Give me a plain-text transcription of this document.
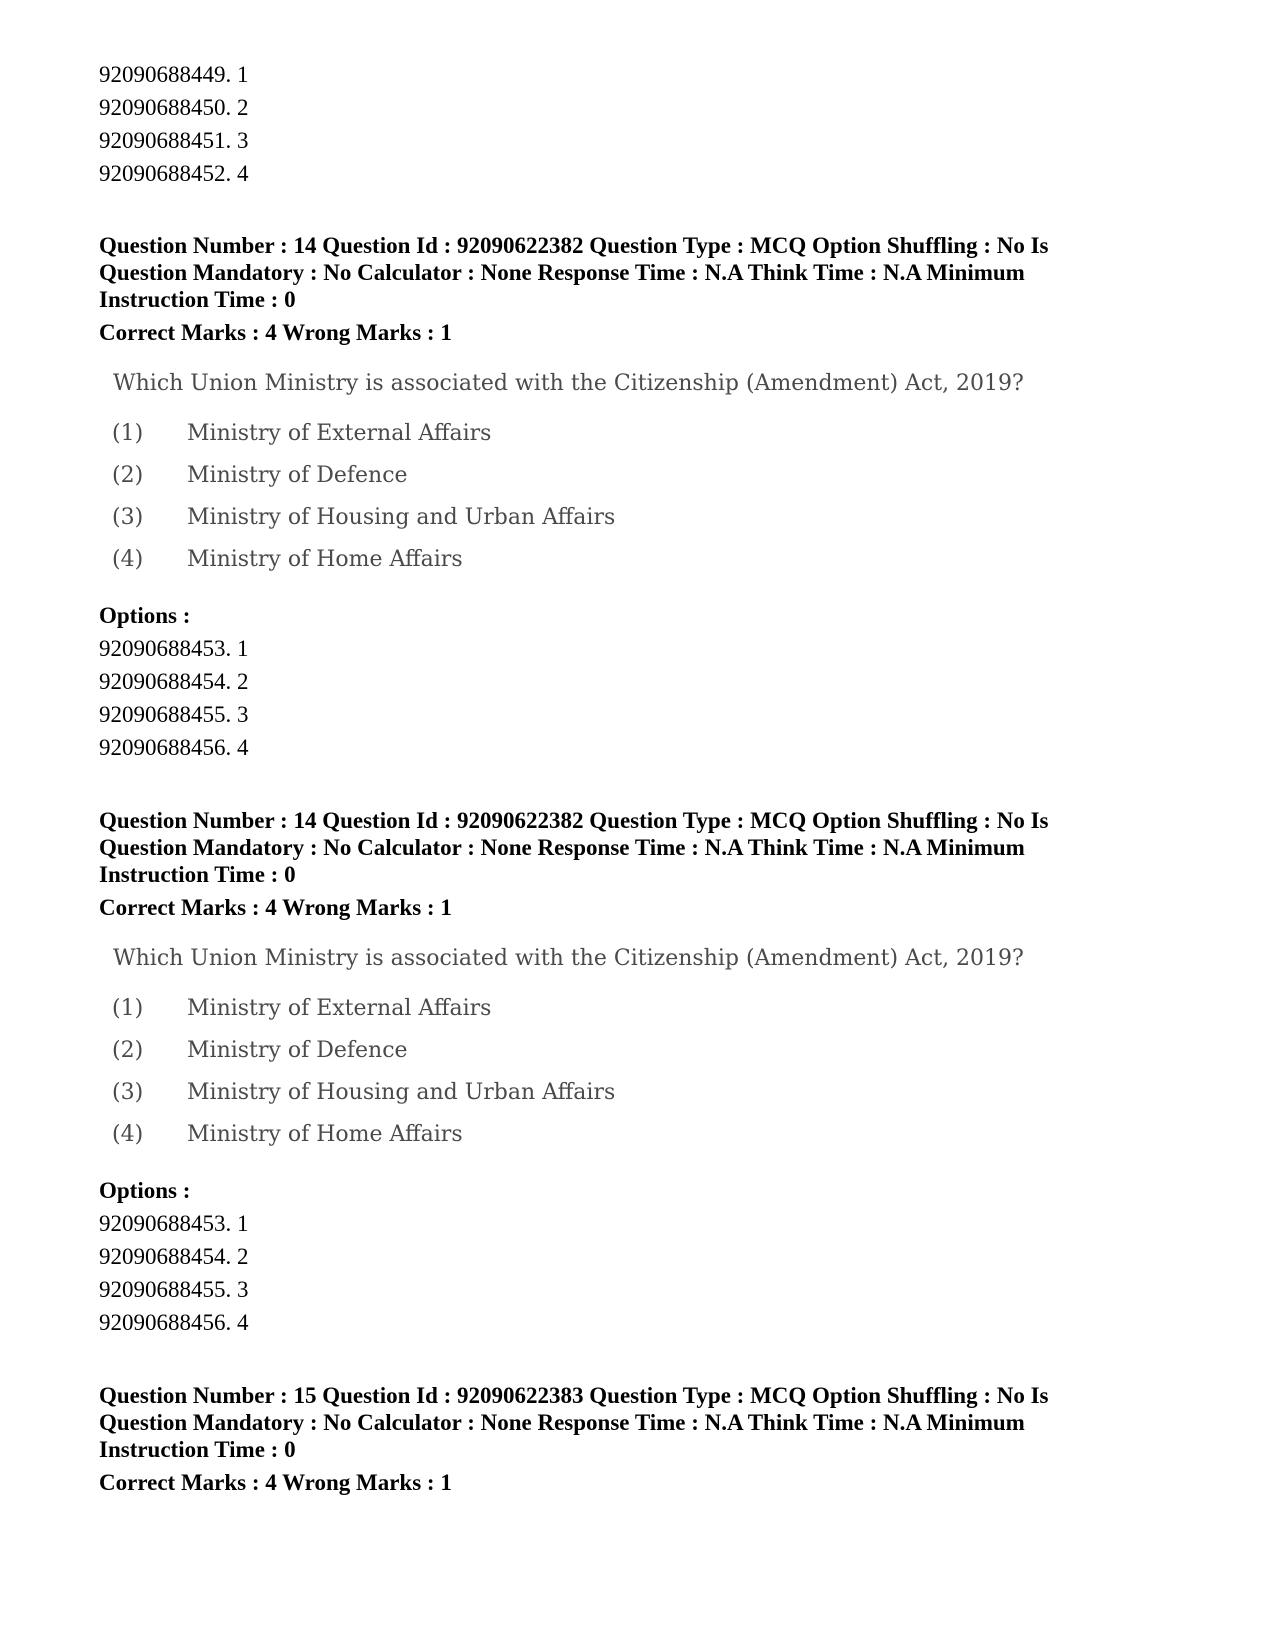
92090688449. 1
92090688450. 2
92090688451. 3
92090688452. 4
Question Number : 14 Question Id : 92090622382 Question Type : MCQ Option Shuffling : No Is
Question Mandatory : No Calculator : None Response Time : N.A Think Time : N.A Minimum
Instruction Time : 0
Correct Marks : 4 Wrong Marks : 1
Which Union Ministry is associated with the Citizenship (Amendment) Act, 2019?
(1) Ministry of External Affairs
(2) Ministry of Defence
(3) Ministry of Housing and Urban Affairs
(4) Ministry of Home Affairs
Options :
92090688453. 1
92090688454. 2
92090688455. 3
92090688456. 4
Question Number : 14 Question Id : 92090622382 Question Type : MCQ Option Shuffling : No Is
Question Mandatory : No Calculator : None Response Time : N.A Think Time : N.A Minimum
Instruction Time : 0
Correct Marks : 4 Wrong Marks : 1
Which Union Ministry is associated with the Citizenship (Amendment) Act, 2019?
(1) Ministry of External Affairs
(2) Ministry of Defence
(3) Ministry of Housing and Urban Affairs
(4) Ministry of Home Affairs
Options :
92090688453. 1
92090688454. 2
92090688455. 3
92090688456. 4
Question Number : 15 Question Id : 92090622383 Question Type : MCQ Option Shuffling : No Is
Question Mandatory : No Calculator : None Response Time : N.A Think Time : N.A Minimum
Instruction Time : 0
Correct Marks : 4 Wrong Marks : 1
